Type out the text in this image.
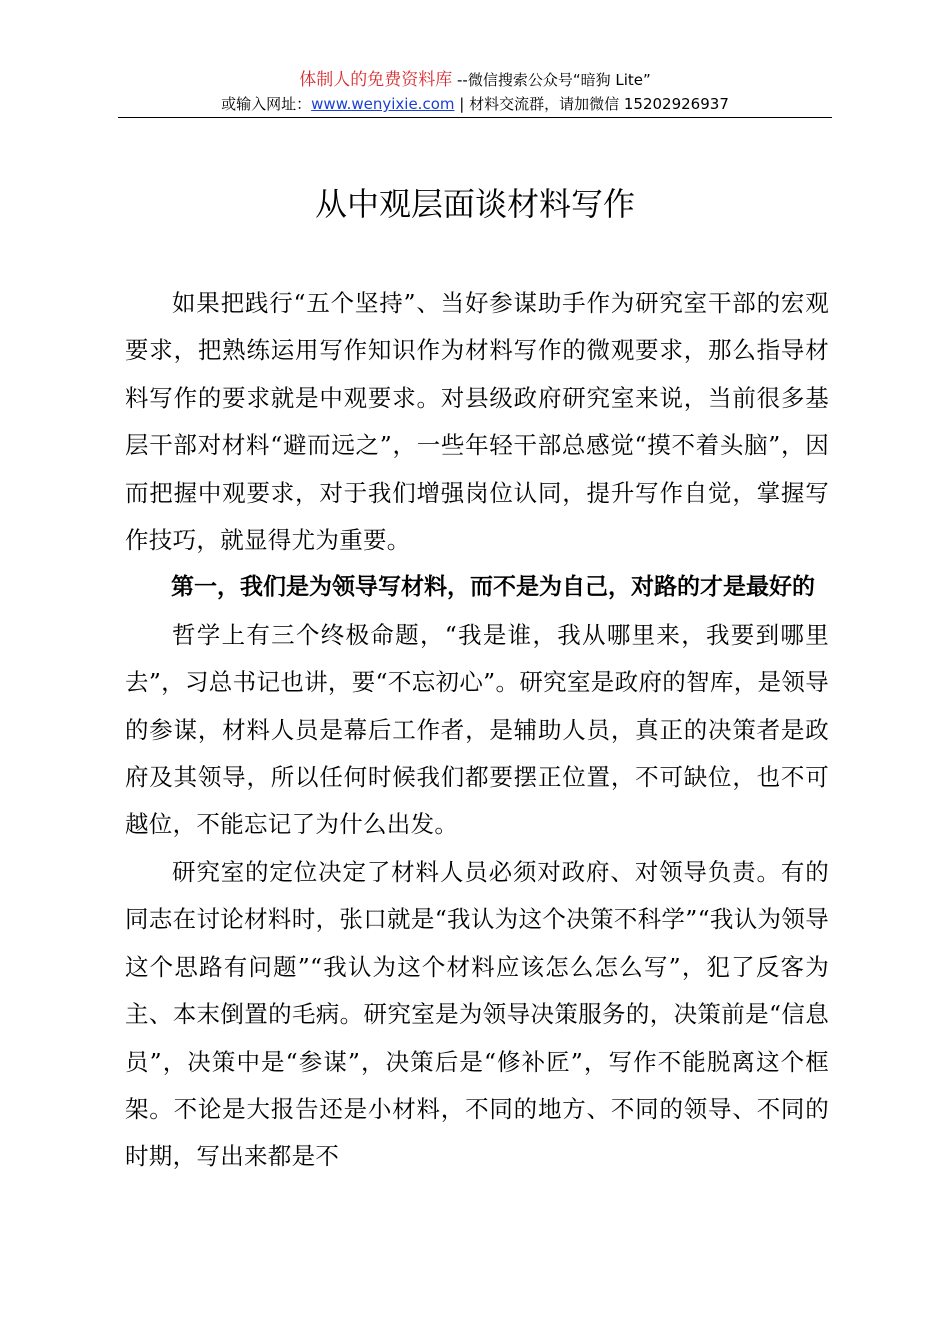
体制人的免费资料库 --微信搜索公众号“暗狗 Lite”
或输入网址：www.wenyixie.com | 材料交流群，请加微信 15202926937
从中观层面谈材料写作

如果把践行“五个坚持”、当好参谋助手作为研究室干部的宏观要求，把熟练运用写作知识作为材料写作的微观要求，那么指导材料写作的要求就是中观要求。对县级政府研究室来说，当前很多基层干部对材料“避而远之”，一些年轻干部总感觉“摸不着头脑”，因而把握中观要求，对于我们增强岗位认同，提升写作自觉，掌握写作技巧，就显得尤为重要。

第一，我们是为领导写材料，而不是为自己，对路的才是最好的

哲学上有三个终极命题，“我是谁，我从哪里来，我要到哪里去”，习总书记也讲，要“不忘初心”。研究室是政府的智库，是领导的参谋，材料人员是幕后工作者，是辅助人员，真正的决策者是政府及其领导，所以任何时候我们都要摆正位置，不可缺位，也不可越位，不能忘记了为什么出发。

研究室的定位决定了材料人员必须对政府、对领导负责。有的同志在讨论材料时，张口就是“我认为这个决策不科学”“我认为领导这个思路有问题”“我认为这个材料应该怎么怎么写”，犯了反客为主、本末倒置的毛病。研究室是为领导决策服务的，决策前是“信息员”，决策中是“参谋”，决策后是“修补匠”，写作不能脱离这个框架。不论是大报告还是小材料，不同的地方、不同的领导、不同的时期，写出来都是不
